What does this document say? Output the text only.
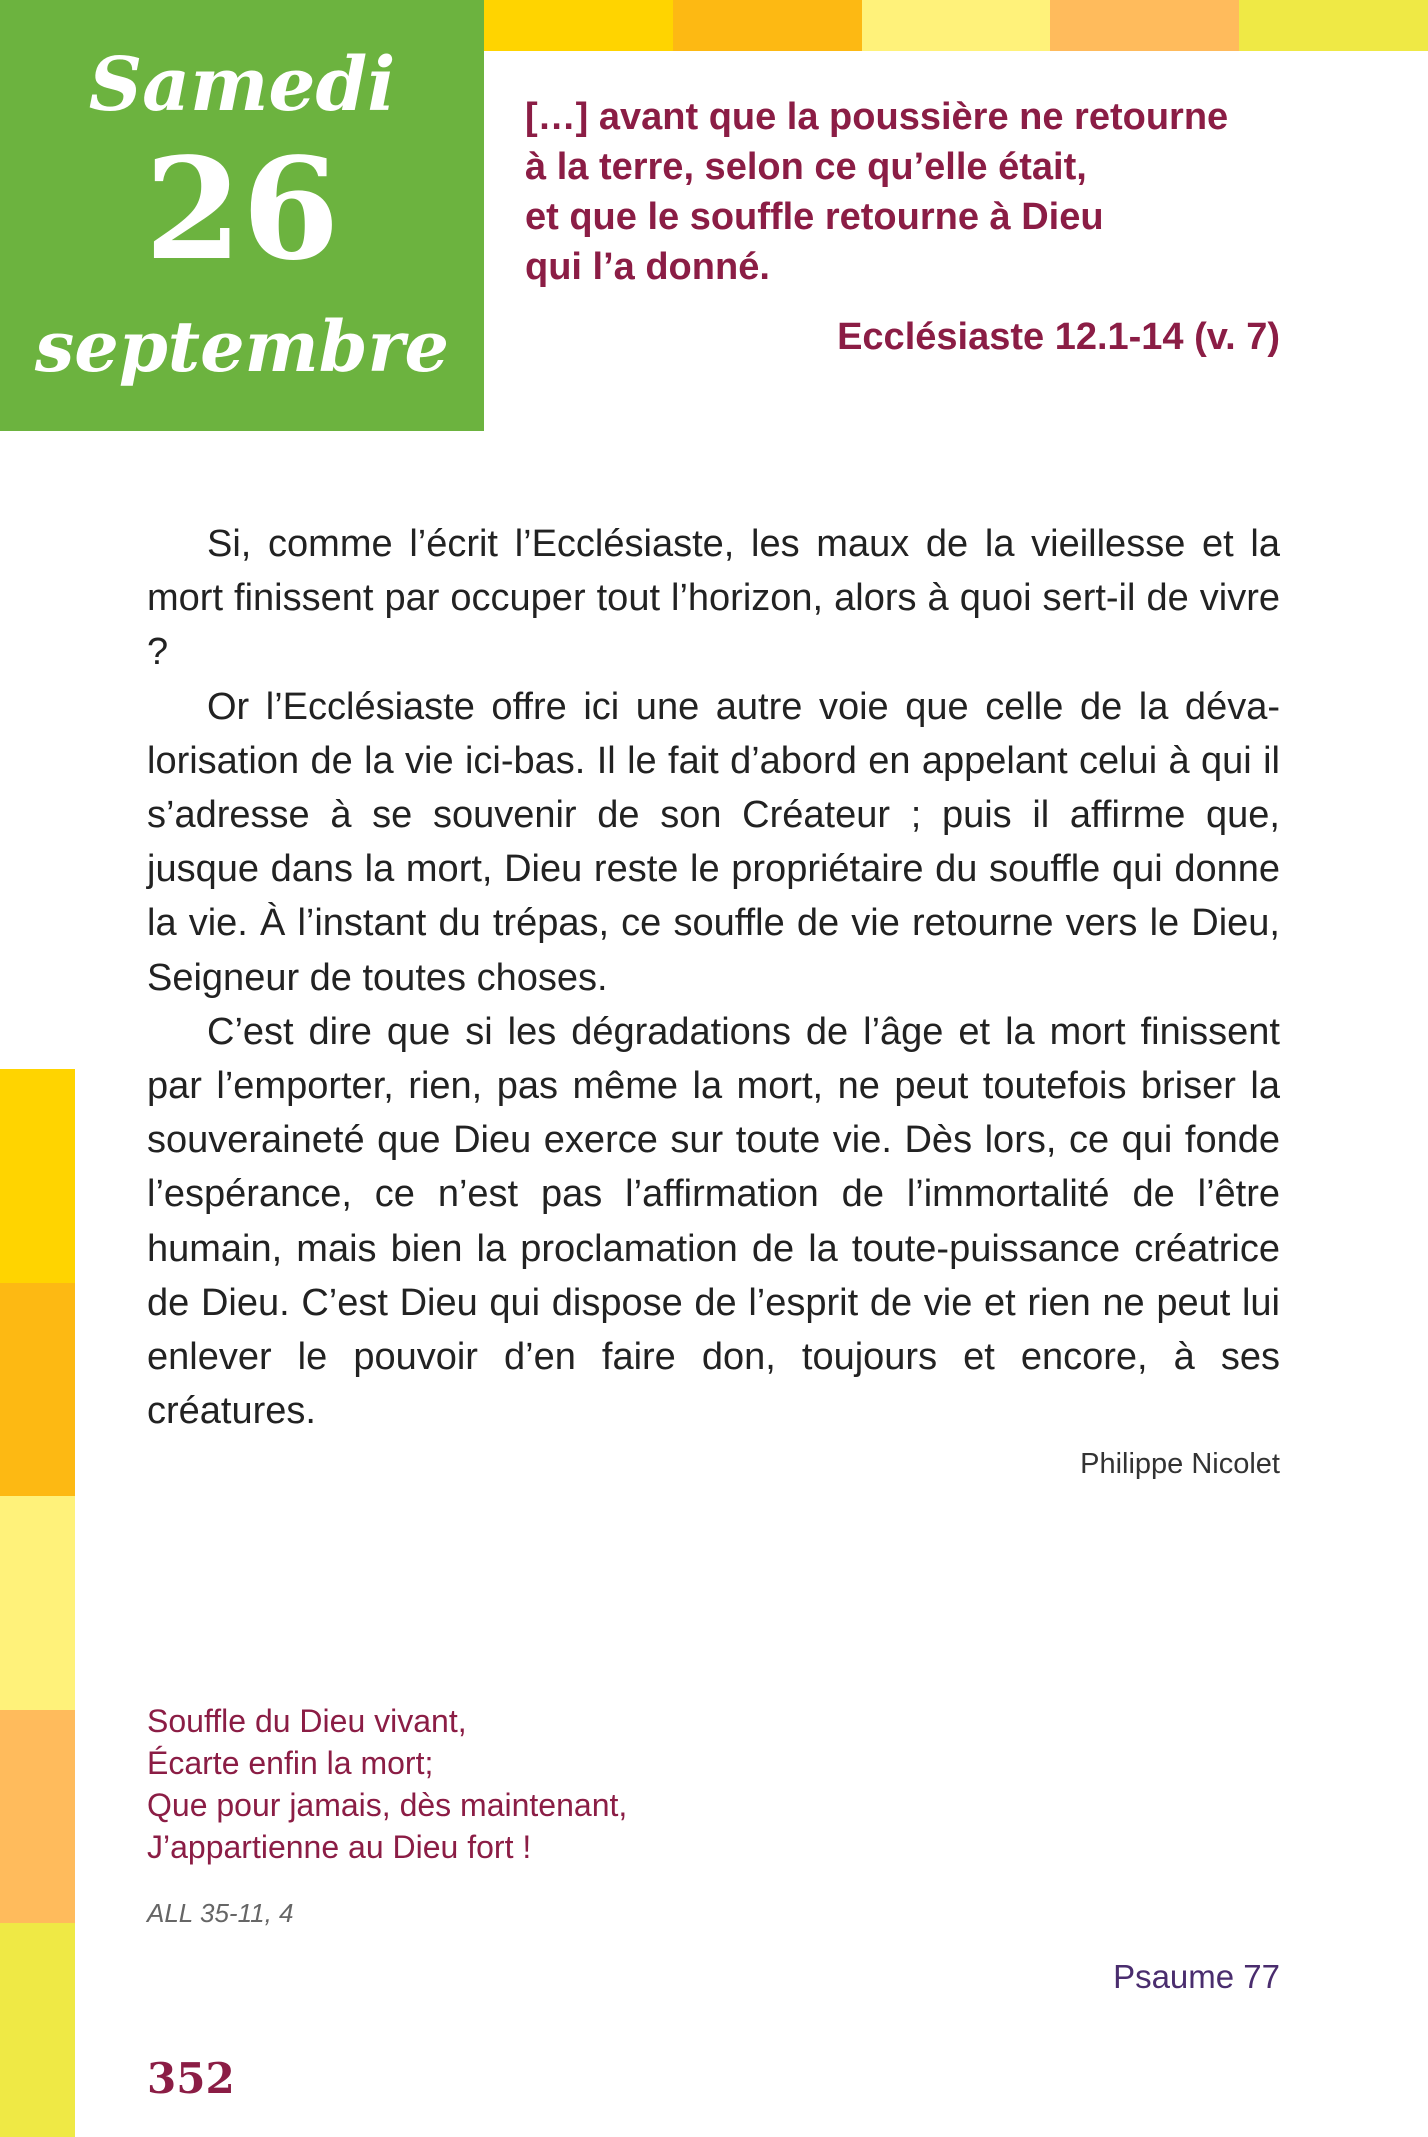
Samedi
26
septembre
[…] avant que la poussière ne retourne
à la terre, selon ce qu’elle était,
et que le souffle retourne à Dieu
qui l’a donné.
Ecclésiaste 12.1-14 (v. 7)

Si, comme l’écrit l’Ecclésiaste, les maux de la vieillesse et la mort finissent par occuper tout l’horizon, alors à quoi sert-il de vivre ?

Or l’Ecclésiaste offre ici une autre voie que celle de la dévalorisation de la vie ici-bas. Il le fait d’abord en appelant celui à qui il s’adresse à se souvenir de son Créateur ; puis il affirme que, jusque dans la mort, Dieu reste le propriétaire du souffle qui donne la vie. À l’instant du trépas, ce souffle de vie retourne vers le Dieu, Seigneur de toutes choses.

C’est dire que si les dégradations de l’âge et la mort finissent par l’emporter, rien, pas même la mort, ne peut toutefois briser la souveraineté que Dieu exerce sur toute vie. Dès lors, ce qui fonde l’espérance, ce n’est pas l’affirmation de l’immortalité de l’être humain, mais bien la proclamation de la toute-puissance créatrice de Dieu. C’est Dieu qui dispose de l’esprit de vie et rien ne peut lui enlever le pouvoir d’en faire don, toujours et encore, à ses créatures.

Philippe Nicolet
Souffle du Dieu vivant,
Écarte enfin la mort;
Que pour jamais, dès maintenant,
J’appartienne au Dieu fort !
ALL 35-11, 4
Psaume 77
352
